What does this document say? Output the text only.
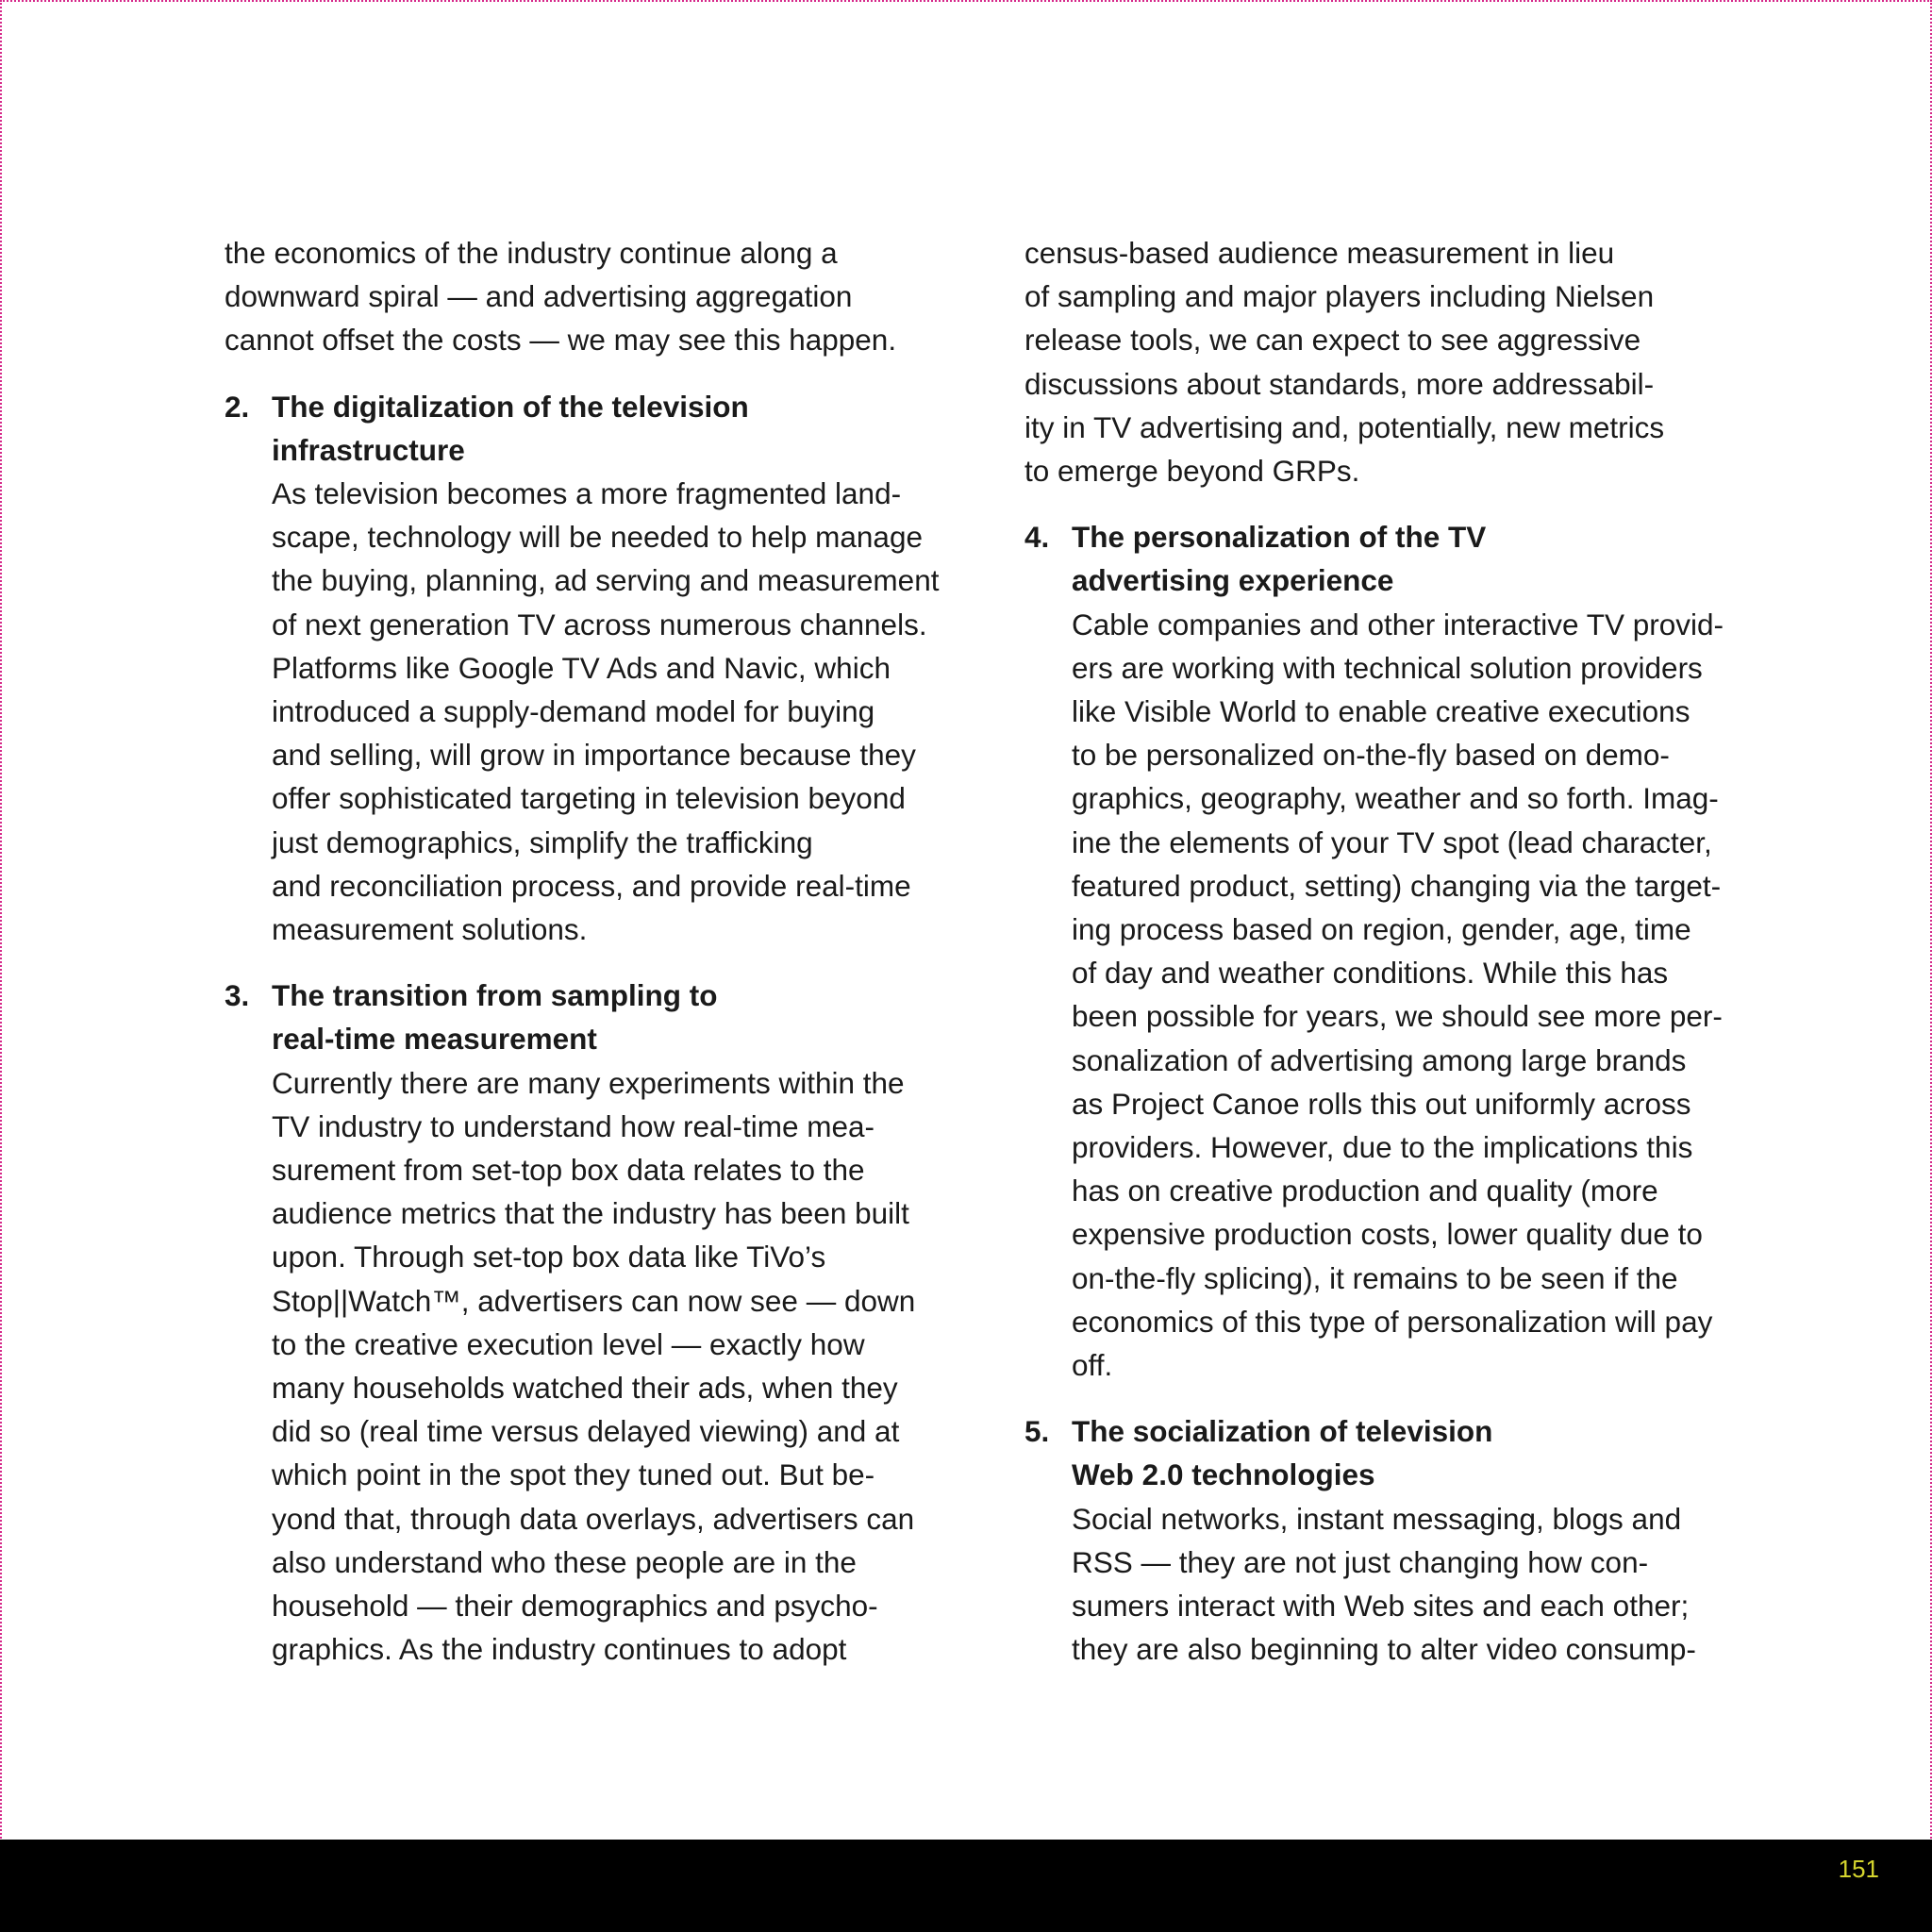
the economics of the industry continue along a
downward spiral — and advertising aggregation
cannot offset the costs — we may see this happen.
2. The digitalization of the television
infrastructure
As television becomes a more fragmented land-
scape, technology will be needed to help manage
the buying, planning, ad serving and measurement
of next generation TV across numerous channels.
Platforms like Google TV Ads and Navic, which
introduced a supply-demand model for buying
and selling, will grow in importance because they
offer sophisticated targeting in television beyond
just demographics, simplify the trafficking
and reconciliation process, and provide real-time
measurement solutions.
3. The transition from sampling to
real-time measurement
Currently there are many experiments within the
TV industry to understand how real-time mea-
surement from set-top box data relates to the
audience metrics that the industry has been built
upon. Through set-top box data like TiVo’s
Stop||Watch™, advertisers can now see — down
to the creative execution level — exactly how
many households watched their ads, when they
did so (real time versus delayed viewing) and at
which point in the spot they tuned out. But be-
yond that, through data overlays, advertisers can
also understand who these people are in the
household — their demographics and psycho-
graphics. As the industry continues to adopt
census-based audience measurement in lieu
of sampling and major players including Nielsen
release tools, we can expect to see aggressive
discussions about standards, more addressabil-
ity in TV advertising and, potentially, new metrics
to emerge beyond GRPs.
4. The personalization of the TV
advertising experience
Cable companies and other interactive TV provid-
ers are working with technical solution providers
like Visible World to enable creative executions
to be personalized on-the-fly based on demo-
graphics, geography, weather and so forth. Imag-
ine the elements of your TV spot (lead character,
featured product, setting) changing via the target-
ing process based on region, gender, age, time
of day and weather conditions. While this has
been possible for years, we should see more per-
sonalization of advertising among large brands
as Project Canoe rolls this out uniformly across
providers. However, due to the implications this
has on creative production and quality (more
expensive production costs, lower quality due to
on-the-fly splicing), it remains to be seen if the
economics of this type of personalization will pay
off.
5. The socialization of television
Web 2.0 technologies
Social networks, instant messaging, blogs and
RSS — they are not just changing how con-
sumers interact with Web sites and each other;
they are also beginning to alter video consump-
151
